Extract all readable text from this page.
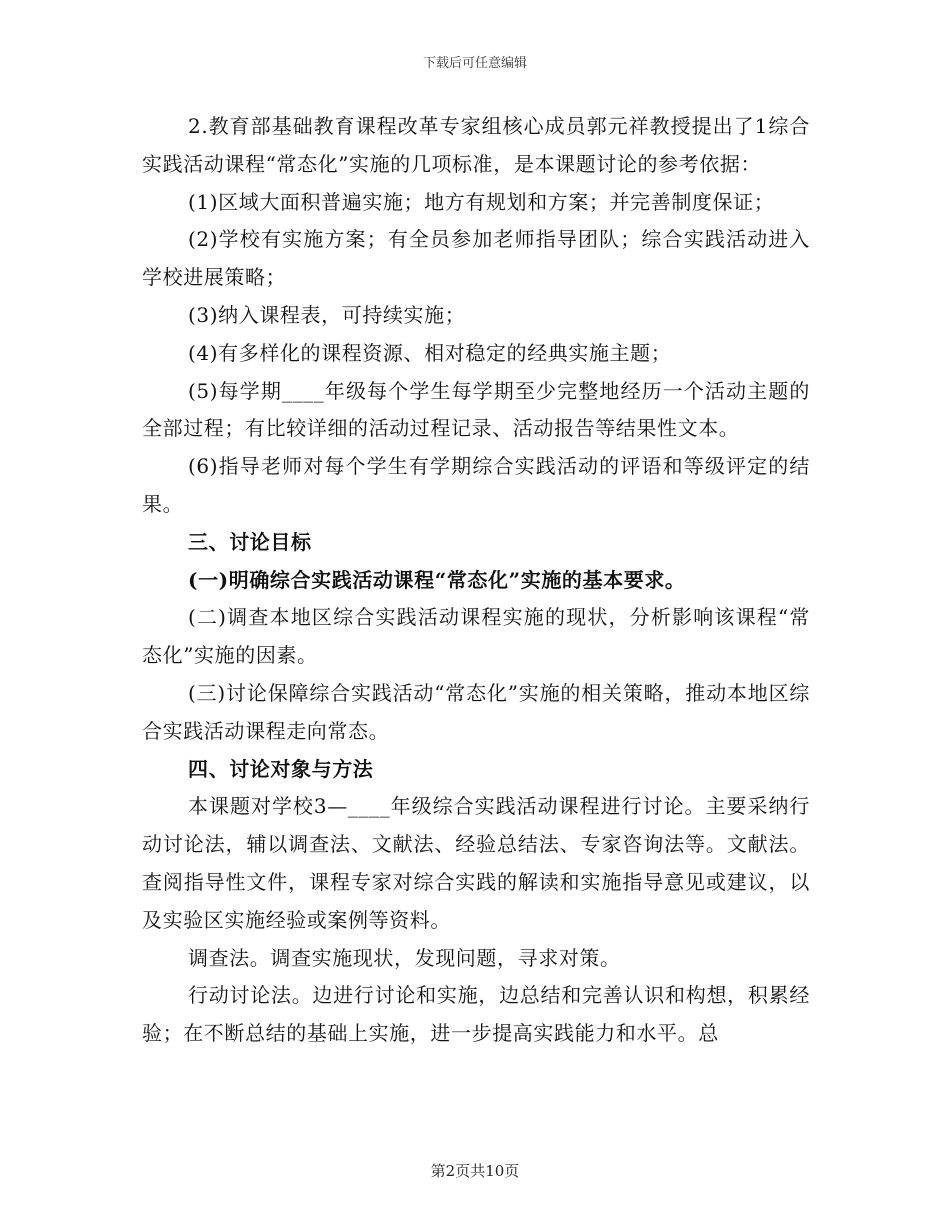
下载后可任意编辑

2.教育部基础教育课程改革专家组核心成员郭元祥教授提出了1综合实践活动课程“常态化”实施的几项标准，是本课题讨论的参考依据：

(1)区域大面积普遍实施；地方有规划和方案；并完善制度保证；

(2)学校有实施方案；有全员参加老师指导团队；综合实践活动进入学校进展策略；

(3)纳入课程表，可持续实施；

(4)有多样化的课程资源、相对稳定的经典实施主题；

(5)每学期____年级每个学生每学期至少完整地经历一个活动主题的全部过程；有比较详细的活动过程记录、活动报告等结果性文本。

(6)指导老师对每个学生有学期综合实践活动的评语和等级评定的结果。

三、讨论目标

(一)明确综合实践活动课程“常态化”实施的基本要求。

(二)调查本地区综合实践活动课程实施的现状，分析影响该课程“常态化”实施的因素。

(三)讨论保障综合实践活动“常态化”实施的相关策略，推动本地区综合实践活动课程走向常态。

四、讨论对象与方法

本课题对学校3—____年级综合实践活动课程进行讨论。主要采纳行动讨论法，辅以调查法、文献法、经验总结法、专家咨询法等。文献法。查阅指导性文件，课程专家对综合实践的解读和实施指导意见或建议，以及实验区实施经验或案例等资料。

调查法。调查实施现状，发现问题，寻求对策。

行动讨论法。边进行讨论和实施，边总结和完善认识和构想，积累经验；在不断总结的基础上实施，进一步提高实践能力和水平。总

第2页共10页
